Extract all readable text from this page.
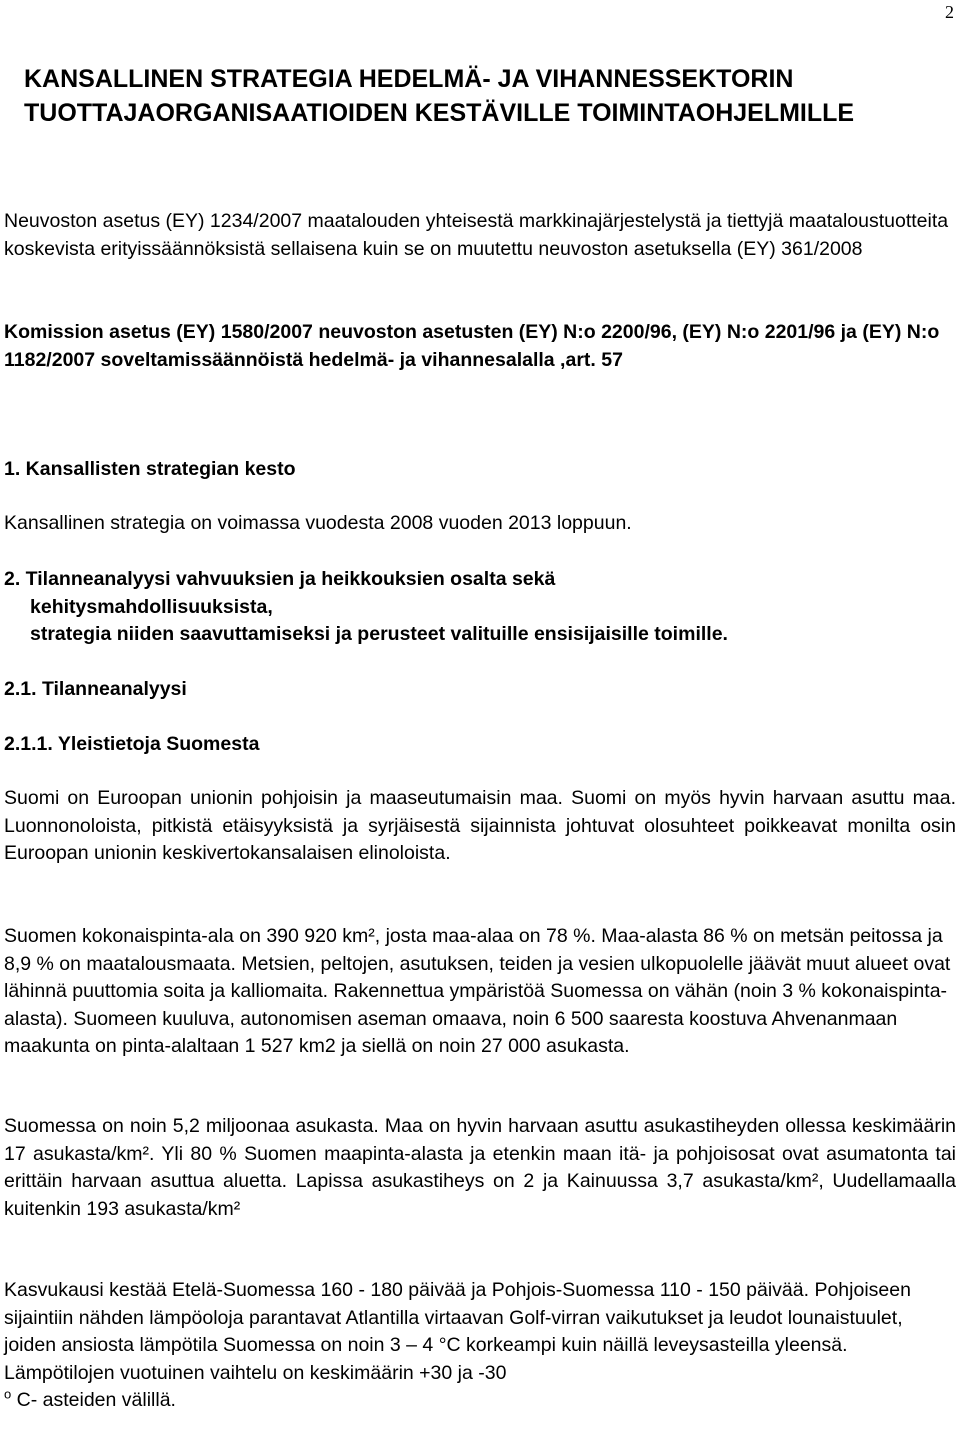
2
KANSALLINEN STRATEGIA HEDELMÄ- JA VIHANNESSEKTORIN TUOTTAJAORGANISAATIOIDEN KESTÄVILLE TOIMINTAOHJELMILLE

Neuvoston asetus (EY) 1234/2007 maatalouden yhteisestä markkinajärjestelystä ja tiettyjä maataloustuotteita koskevista erityissäännöksistä sellaisena kuin se on muutettu neuvoston asetuksella (EY) 361/2008

Komission asetus (EY) 1580/2007 neuvoston asetusten (EY) N:o 2200/96, (EY) N:o 2201/96 ja (EY) N:o 1182/2007 soveltamissäännöistä hedelmä- ja vihannesalalla ,art. 57

1. Kansallisten strategian kesto

Kansallinen strategia on voimassa vuodesta 2008 vuoden 2013 loppuun.

2. Tilanneanalyysi vahvuuksien ja heikkouksien osalta sekä
kehitysmahdollisuuksista,
strategia niiden saavuttamiseksi ja perusteet valituille ensisijaisille toimille.

2.1. Tilanneanalyysi

2.1.1. Yleistietoja Suomesta

Suomi on Euroopan unionin pohjoisin ja maaseutumaisin maa. Suomi on myös hyvin harvaan asuttu maa. Luonnonoloista, pitkistä etäisyyksistä ja syrjäisestä sijainnista johtuvat olosuhteet poikkeavat monilta osin Euroopan unionin keskivertokansalaisen elinoloista.

Suomen kokonaispinta-ala on 390 920 km², josta maa-alaa on 78 %. Maa-alasta 86 % on metsän peitossa ja 8,9 % on maatalousmaata. Metsien, peltojen, asutuksen, teiden ja vesien ulkopuolelle jäävät muut alueet ovat lähinnä puuttomia soita ja kalliomaita. Rakennettua ympäristöä Suomessa on vähän (noin 3 % kokonaispinta-alasta). Suomeen kuuluva, autonomisen aseman omaava, noin 6 500 saaresta koostuva Ahvenanmaan maakunta on pinta-alaltaan 1 527 km2 ja siellä on noin 27 000 asukasta.

Suomessa on noin 5,2 miljoonaa asukasta. Maa on hyvin harvaan asuttu asukastiheyden ollessa keskimäärin 17 asukasta/km². Yli 80 % Suomen maapinta-alasta ja etenkin maan itä- ja pohjoisosat ovat asumatonta tai erittäin harvaan asuttua aluetta. Lapissa asukastiheys on 2 ja Kainuussa 3,7 asukasta/km², Uudellamaalla kuitenkin 193 asukasta/km²

Kasvukausi kestää Etelä-Suomessa 160 - 180 päivää ja Pohjois-Suomessa 110 - 150 päivää. Pohjoiseen sijaintiin nähden lämpöoloja parantavat Atlantilla virtaavan Golf-virran vaikutukset ja leudot lounaistuulet, joiden ansiosta lämpötila Suomessa on noin 3 – 4 °C korkeampi kuin näillä leveysasteilla yleensä. Lämpötilojen vuotuinen vaihtelu on keskimäärin +30 ja -30
$^o$ C- asteiden välillä.
